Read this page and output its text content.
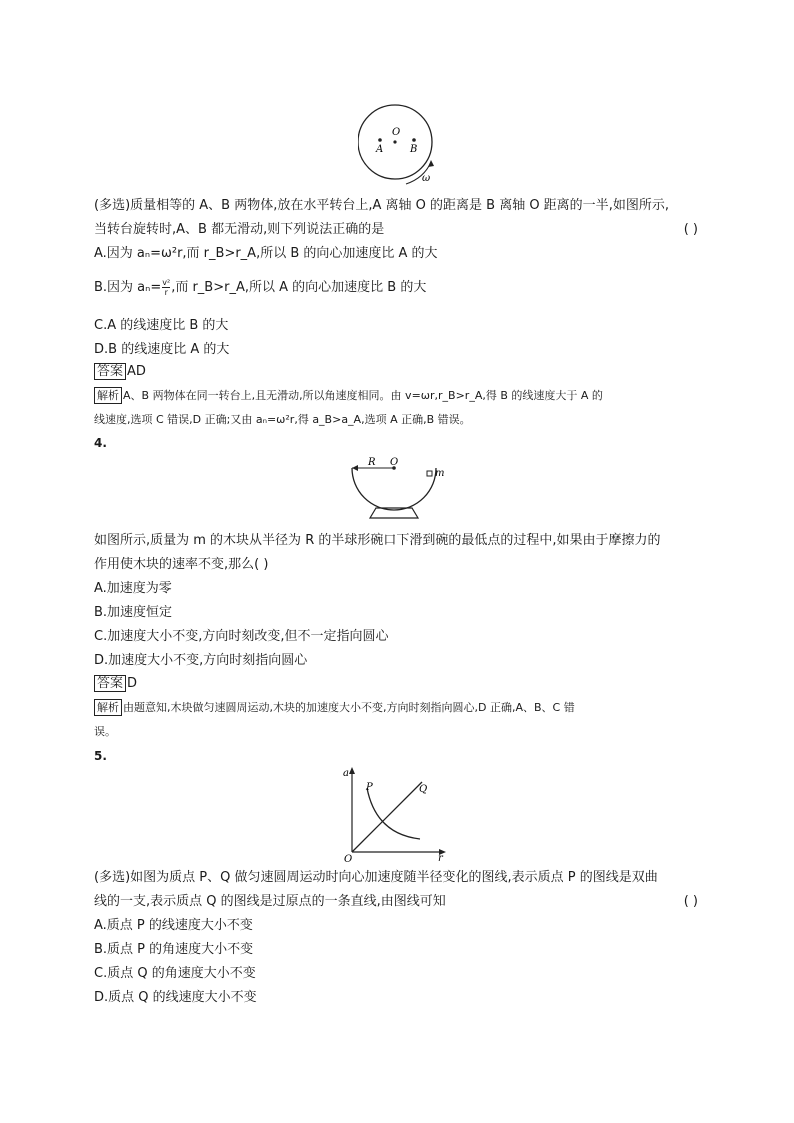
O
A	B
ω
(多选)质量相等的 A、B 两物体,放在水平转台上,A 离轴 O 的距离是 B 离轴 O 距离的一半,如图所示,
当转台旋转时,A、B 都无滑动,则下列说法正确的是	( )
A.因为 aₙ=ω²r,而 r_B>r_A,所以 B 的向心加速度比 A 的大
B.因为 $a_n= \frac{\text{v²}}{r}$ ,而 r_B>r_A,所以 A 的向心加速度比 B 的大
C.A 的线速度比 B 的大
D.B 的线速度比 A 的大
答案 AD
解析 A、B 两物体在同一转台上,且无滑动,所以角速度相同。由 v=ωr,r_B>r_A,得 B 的线速度大于 A 的
线速度,选项 C 错误,D 正确;又由 aₙ=ω²r,得 a_B>a_A,选项 A 正确,B 错误。
4.
R O
m
如图所示,质量为 m 的木块从半径为 R 的半球形碗口下滑到碗的最低点的过程中,如果由于摩擦力的
作用使木块的速率不变,那么( )
A.加速度为零
B.加速度恒定
C.加速度大小不变,方向时刻改变,但不一定指向圆心
D.加速度大小不变,方向时刻指向圆心
答案 D
解析 由题意知,木块做匀速圆周运动,木块的加速度大小不变,方向时刻指向圆心,D 正确,A、B、C 错
误。
5.
a
P	Q
O	r
(多选)如图为质点 P、Q 做匀速圆周运动时向心加速度随半径变化的图线,表示质点 P 的图线是双曲
线的一支,表示质点 Q 的图线是过原点的一条直线,由图线可知	( )
A.质点 P 的线速度大小不变
B.质点 P 的角速度大小不变
C.质点 Q 的角速度大小不变
D.质点 Q 的线速度大小不变
